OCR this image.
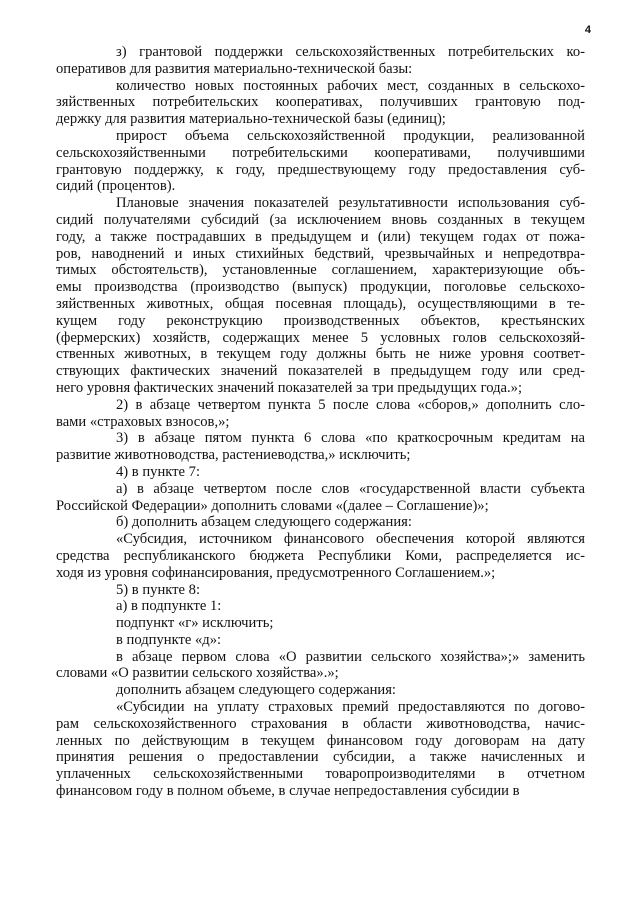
4

з) грантовой поддержки сельскохозяйственных потребительских ко-
оперативов для развития материально-технической базы:

количество новых постоянных рабочих мест, созданных в сельскохо-
зяйственных потребительских кооперативах, получивших грантовую под-
держку для развития материально-технической базы (единиц);

прирост объема сельскохозяйственной продукции, реализованной
сельскохозяйственными потребительскими кооперативами, получившими
грантовую поддержку, к году, предшествующему году предоставления суб-
сидий (процентов).

Плановые значения показателей результативности использования суб-
сидий получателями субсидий (за исключением вновь созданных в текущем
году, а также пострадавших в предыдущем и (или) текущем годах от пожа-
ров, наводнений и иных стихийных бедствий, чрезвычайных и непредотвра-
тимых обстоятельств), установленные соглашением, характеризующие объ-
емы производства (производство (выпуск) продукции, поголовье сельскохо-
зяйственных животных, общая посевная площадь), осуществляющими в те-
кущем году реконструкцию производственных объектов, крестьянских
(фермерских) хозяйств, содержащих менее 5 условных голов сельскохозяй-
ственных животных, в текущем году должны быть не ниже уровня соответ-
ствующих фактических значений показателей в предыдущем году или сред-
него уровня фактических значений показателей за три предыдущих года.»;

2) в абзаце четвертом пункта 5 после слова «сборов,» дополнить сло-
вами «страховых взносов,»;

3) в абзаце пятом пункта 6 слова «по краткосрочным кредитам на
развитие животноводства, растениеводства,» исключить;

4) в пункте 7:

а) в абзаце четвертом после слов «государственной власти субъекта
Российской Федерации» дополнить словами «(далее – Соглашение)»;

б) дополнить абзацем следующего содержания:

«Субсидия, источником финансового обеспечения которой являются
средства республиканского бюджета Республики Коми, распределяется ис-
ходя из уровня софинансирования, предусмотренного Соглашением.»;

5) в пункте 8:

а) в подпункте 1:

подпункт «г» исключить;

в подпункте «д»:

в абзаце первом слова «О развитии сельского хозяйства»;» заменить
словами «О развитии сельского хозяйства».»;

дополнить абзацем следующего содержания:

«Субсидии на уплату страховых премий предоставляются по догово-
рам сельскохозяйственного страхования в области животноводства, начис-
ленных по действующим в текущем финансовом году договорам на дату
принятия решения о предоставлении субсидии, а также начисленных и
уплаченных сельскохозяйственными товаропроизводителями в отчетном
финансовом году в полном объеме, в случае непредоставления субсидии в
